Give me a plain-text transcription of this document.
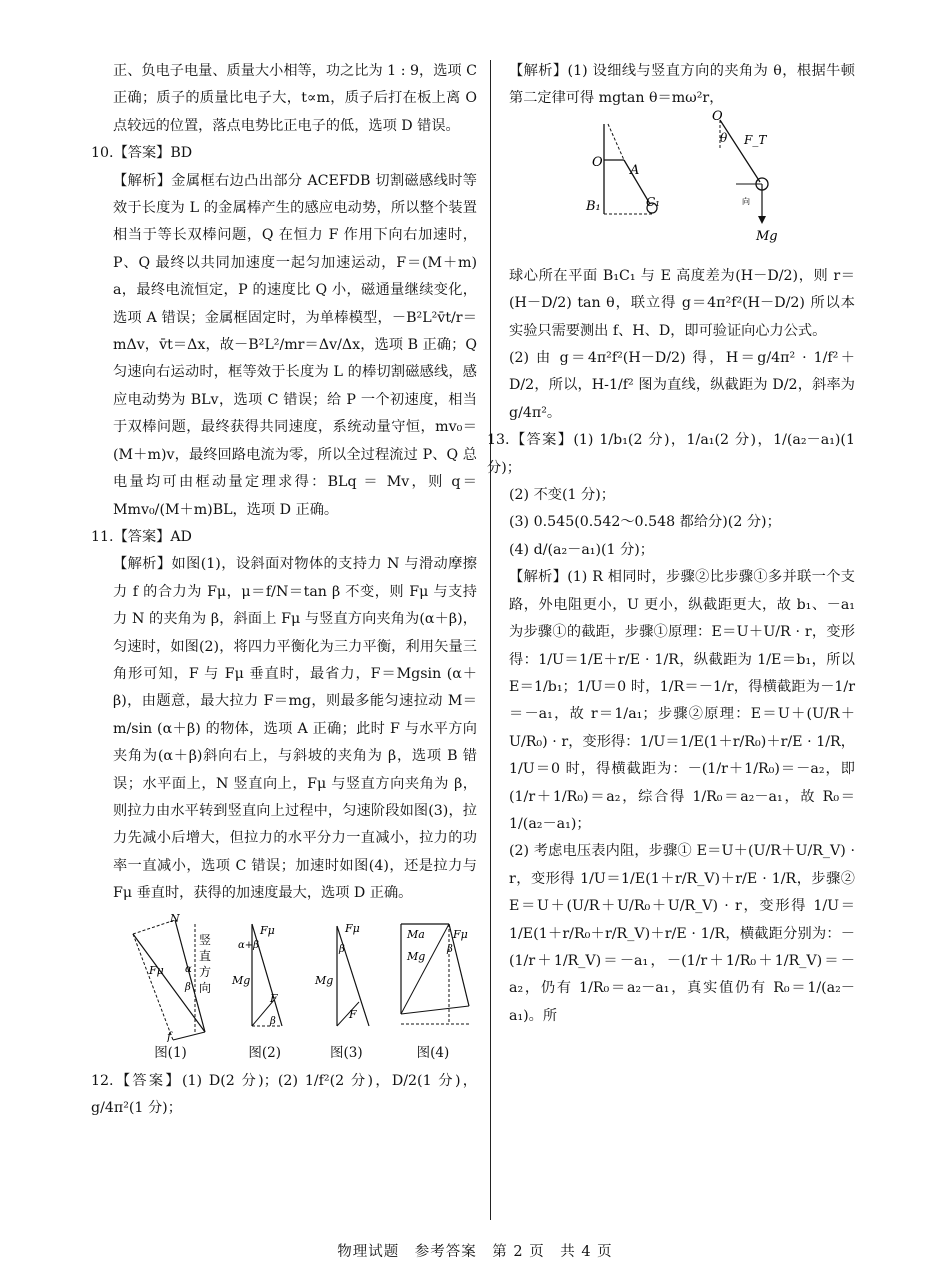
正、负电子电量、质量大小相等，功之比为 1 : 9，选项 C 正确；质子的质量比电子大，t∝m，质子后打在板上离 O 点较远的位置，落点电势比正电子的低，选项 D 错误。

10.【答案】BD

【解析】金属框右边凸出部分 ACEFDB 切割磁感线时等效于长度为 L 的金属棒产生的感应电动势，所以整个装置相当于等长双棒问题，Q 在恒力 F 作用下向右加速时，P、Q 最终以共同加速度一起匀加速运动，F＝(M＋m) a，最终电流恒定，P 的速度比 Q 小，磁通量继续变化，选项 A 错误；金属框固定时，为单棒模型，－B²L²v̄t/r＝mΔv，v̄t＝Δx，故－B²L²/mr＝Δv/Δx，选项 B 正确；Q 匀速向右运动时，框等效于长度为 L 的棒切割磁感线，感应电动势为 BLv，选项 C 错误；给 P 一个初速度，相当于双棒问题，最终获得共同速度，系统动量守恒，mv₀＝(M＋m)v，最终回路电流为零，所以全过程流过 P、Q 总电量均可由框动量定理求得：BLq ＝ Mv，则 q＝Mmv₀/(M＋m)BL，选项 D 正确。

11.【答案】AD

【解析】如图(1)，设斜面对物体的支持力 N 与滑动摩擦力 f 的合力为 Fμ，μ＝f/N＝tan β 不变，则 Fμ 与支持力 N 的夹角为 β，斜面上 Fμ 与竖直方向夹角为(α＋β)，匀速时，如图(2)，将四力平衡化为三力平衡，利用矢量三角形可知，F 与 Fμ 垂直时，最省力，F＝Mgsin (α＋β)，由题意，最大拉力 F＝mg，则最多能匀速拉动 M＝m/sin (α＋β) 的物体，选项 A 正确；此时 F 与水平方向夹角为(α＋β)斜向右上，与斜坡的夹角为 β，选项 B 错误；水平面上，N 竖直向上，Fμ 与竖直方向夹角为 β，则拉力由水平转到竖直向上过程中，匀速阶段如图(3)，拉力先减小后增大，但拉力的水平分力一直减小，拉力的功率一直减小，选项 C 错误；加速时如图(4)，还是拉力与 Fμ 垂直时，获得的加速度最大，选项 D 正确。

N
Fμ α
β
f
竖
直
方
向
图(1)
Fμ
α+β
Mg
F
β
图(2)
Fμ
β
Mg
F
图(3)
Ma
Mg
Fμ
β
图(4)

12.【答案】(1) D(2 分)；(2) 1/f²(2 分)，D/2(1 分)，g/4π²(1 分)；

【解析】(1) 设细线与竖直方向的夹角为 θ，根据牛顿第二定律可得 mgtan θ＝mω²r，

球心所在平面 B₁C₁ 与 E 高度差为(H－D/2)，则 r＝(H－D/2) tan θ，联立得 g＝4π²f²(H－D/2) 所以本实验只需要测出 f、H、D，即可验证向心力公式。

(2) 由 g＝4π²f²(H－D/2) 得，H＝g/4π² · 1/f²＋D/2，所以，H-1/f² 图为直线，纵截距为 D/2，斜率为 g/4π²。

13.【答案】(1) 1/b₁(2 分)，1/a₁(2 分)，1/(a₂－a₁)(1 分)；

(2) 不变(1 分)；

(3) 0.545(0.542～0.548 都给分)(2 分)；

(4) d/(a₂－a₁)(1 分)；

【解析】(1) R 相同时，步骤②比步骤①多并联一个支路，外电阻更小，U 更小，纵截距更大，故 b₁、－a₁ 为步骤①的截距，步骤①原理：E＝U＋U/R · r，变形得：1/U＝1/E＋r/E · 1/R，纵截距为 1/E＝b₁，所以 E＝1/b₁；1/U＝0 时，1/R＝－1/r，得横截距为－1/r＝－a₁，故 r＝1/a₁；步骤②原理：E＝U＋(U/R＋U/R₀) · r，变形得：1/U＝1/E(1＋r/R₀)＋r/E · 1/R，1/U＝0 时，得横截距为：－(1/r＋1/R₀)＝－a₂，即(1/r＋1/R₀)＝a₂，综合得 1/R₀＝a₂－a₁，故 R₀＝1/(a₂－a₁)；

(2) 考虑电压表内阻，步骤① E＝U＋(U/R＋U/R_V) · r，变形得 1/U＝1/E(1＋r/R_V)＋r/E · 1/R，步骤② E＝U＋(U/R＋U/R₀＋U/R_V) · r，变形得 1/U＝1/E(1＋r/R₀＋r/R_V)＋r/E · 1/R，横截距分别为：－(1/r＋1/R_V)＝－a₁，－(1/r＋1/R₀＋1/R_V)＝－a₂，仍有 1/R₀＝a₂－a₁，真实值仍有 R₀＝1/(a₂－a₁)。所

O
A
B₁	C₁
O
θ F_T
向
Mg
物理试题　参考答案　第 2 页　共 4 页
